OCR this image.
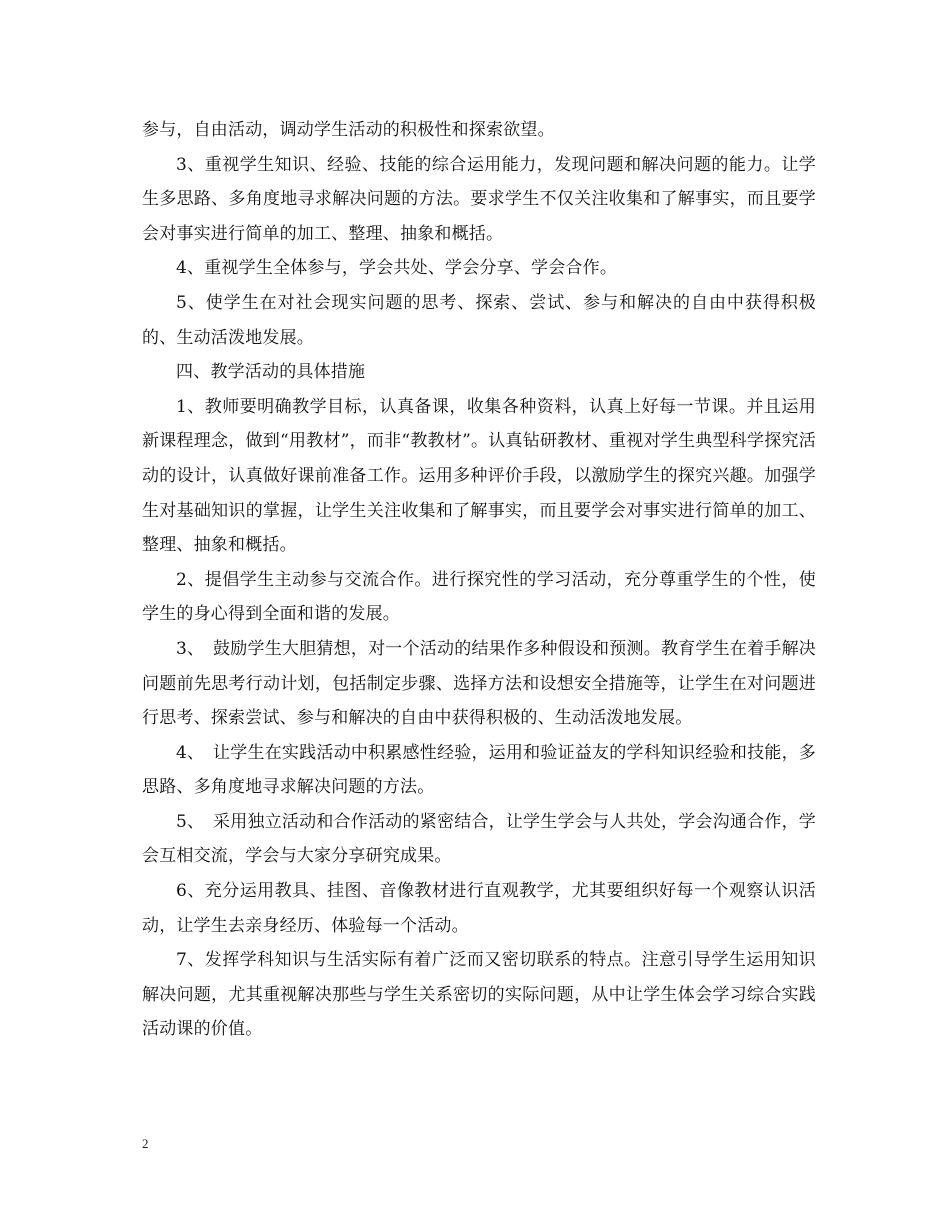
参与，自由活动，调动学生活动的积极性和探索欲望。

3、重视学生知识、经验、技能的综合运用能力，发现问题和解决问题的能力。让学生多思路、多角度地寻求解决问题的方法。要求学生不仅关注收集和了解事实，而且要学会对事实进行简单的加工、整理、抽象和概括。

4、重视学生全体参与，学会共处、学会分享、学会合作。

5、使学生在对社会现实问题的思考、探索、尝试、参与和解决的自由中获得积极的、生动活泼地发展。

四、教学活动的具体措施

1、教师要明确教学目标，认真备课，收集各种资料，认真上好每一节课。并且运用新课程理念，做到“用教材”，而非“教教材”。认真钻研教材、重视对学生典型科学探究活动的设计，认真做好课前准备工作。运用多种评价手段，以激励学生的探究兴趣。加强学生对基础知识的掌握，让学生关注收集和了解事实，而且要学会对事实进行简单的加工、整理、抽象和概括。

2、提倡学生主动参与交流合作。进行探究性的学习活动，充分尊重学生的个性，使学生的身心得到全面和谐的发展。

3、　鼓励学生大胆猜想，对一个活动的结果作多种假设和预测。教育学生在着手解决问题前先思考行动计划，包括制定步骤、选择方法和设想安全措施等，让学生在对问题进行思考、探索尝试、参与和解决的自由中获得积极的、生动活泼地发展。

4、　让学生在实践活动中积累感性经验，运用和验证益友的学科知识经验和技能，多思路、多角度地寻求解决问题的方法。

5、　采用独立活动和合作活动的紧密结合，让学生学会与人共处，学会沟通合作，学会互相交流，学会与大家分享研究成果。

6、充分运用教具、挂图、音像教材进行直观教学，尤其要组织好每一个观察认识活动，让学生去亲身经历、体验每一个活动。

7、发挥学科知识与生活实际有着广泛而又密切联系的特点。注意引导学生运用知识解决问题，尤其重视解决那些与学生关系密切的实际问题，从中让学生体会学习综合实践活动课的价值。

2
